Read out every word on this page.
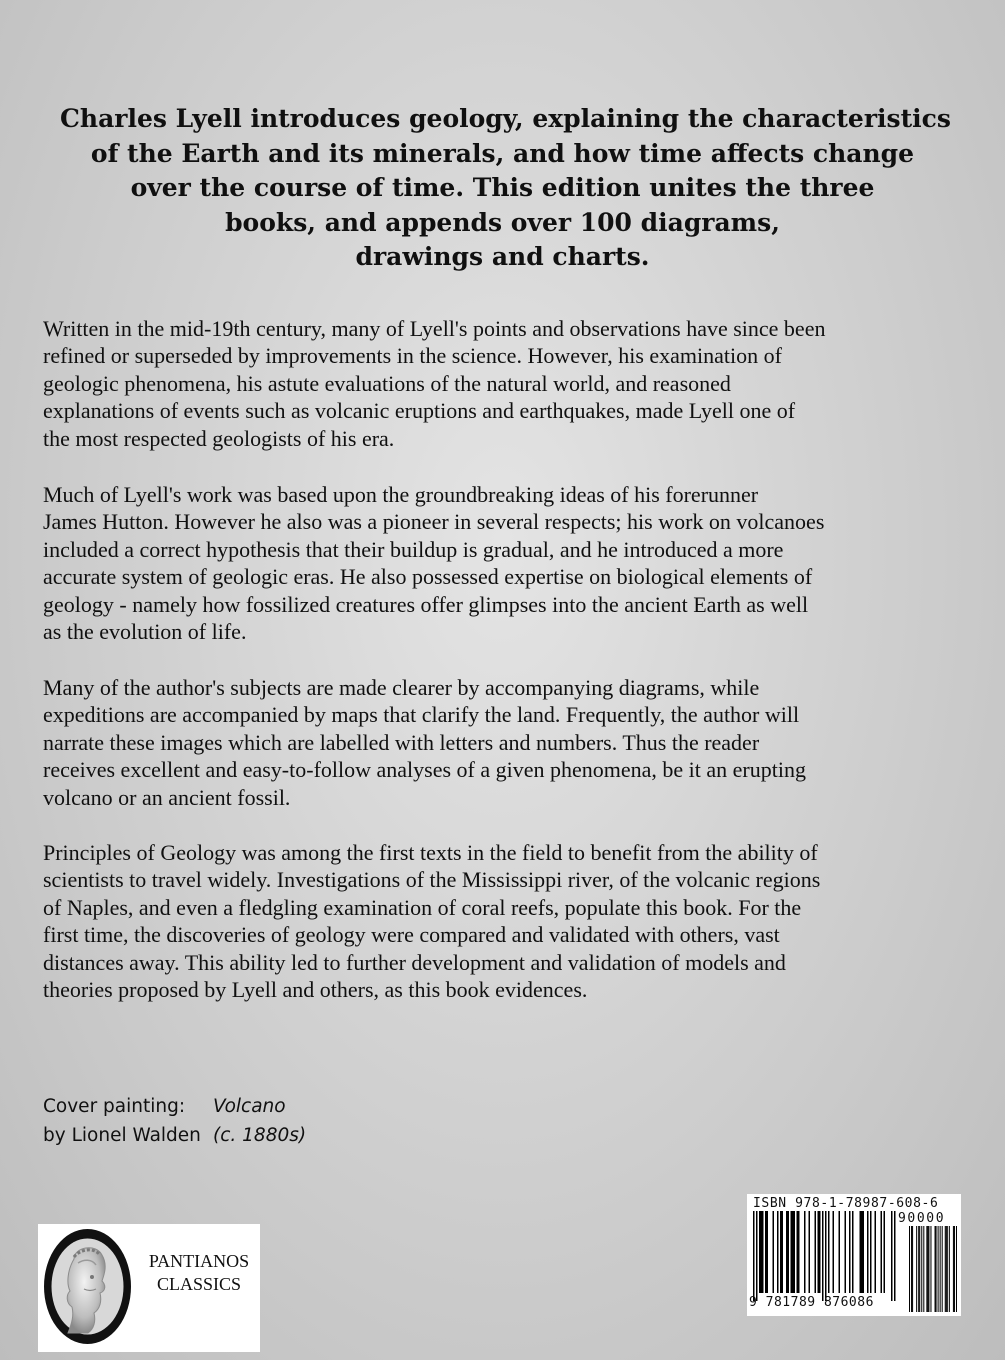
Charles Lyell introduces geology, explaining the characteristics
of the Earth and its minerals, and how time affects change
over the course of time. This edition unites the three
books, and appends over 100 diagrams,
drawings and charts.
Written in the mid-19th century, many of Lyell's points and observations have since been
refined or superseded by improvements in the science. However, his examination of
geologic phenomena, his astute evaluations of the natural world, and reasoned
explanations of events such as volcanic eruptions and earthquakes, made Lyell one of
the most respected geologists of his era.
Much of Lyell's work was based upon the groundbreaking ideas of his forerunner
James Hutton. However he also was a pioneer in several respects; his work on volcanoes
included a correct hypothesis that their buildup is gradual, and he introduced a more
accurate system of geologic eras. He also possessed expertise on biological elements of
geology - namely how fossilized creatures offer glimpses into the ancient Earth as well
as the evolution of life.
Many of the author's subjects are made clearer by accompanying diagrams, while
expeditions are accompanied by maps that clarify the land. Frequently, the author will
narrate these images which are labelled with letters and numbers. Thus the reader
receives excellent and easy-to-follow analyses of a given phenomena, be it an erupting
volcano or an ancient fossil.
Principles of Geology was among the first texts in the field to benefit from the ability of
scientists to travel widely. Investigations of the Mississippi river, of the volcanic regions
of Naples, and even a fledgling examination of coral reefs, populate this book. For the
first time, the discoveries of geology were compared and validated with others, vast
distances away. This ability led to further development and validation of models and
theories proposed by Lyell and others, as this book evidences.
Cover painting: Volcano
by Lionel Walden (c. 1880s)
PANTIANOS
CLASSICS
ISBN 978-1-78987-608-6
90000
9 781789 876086
